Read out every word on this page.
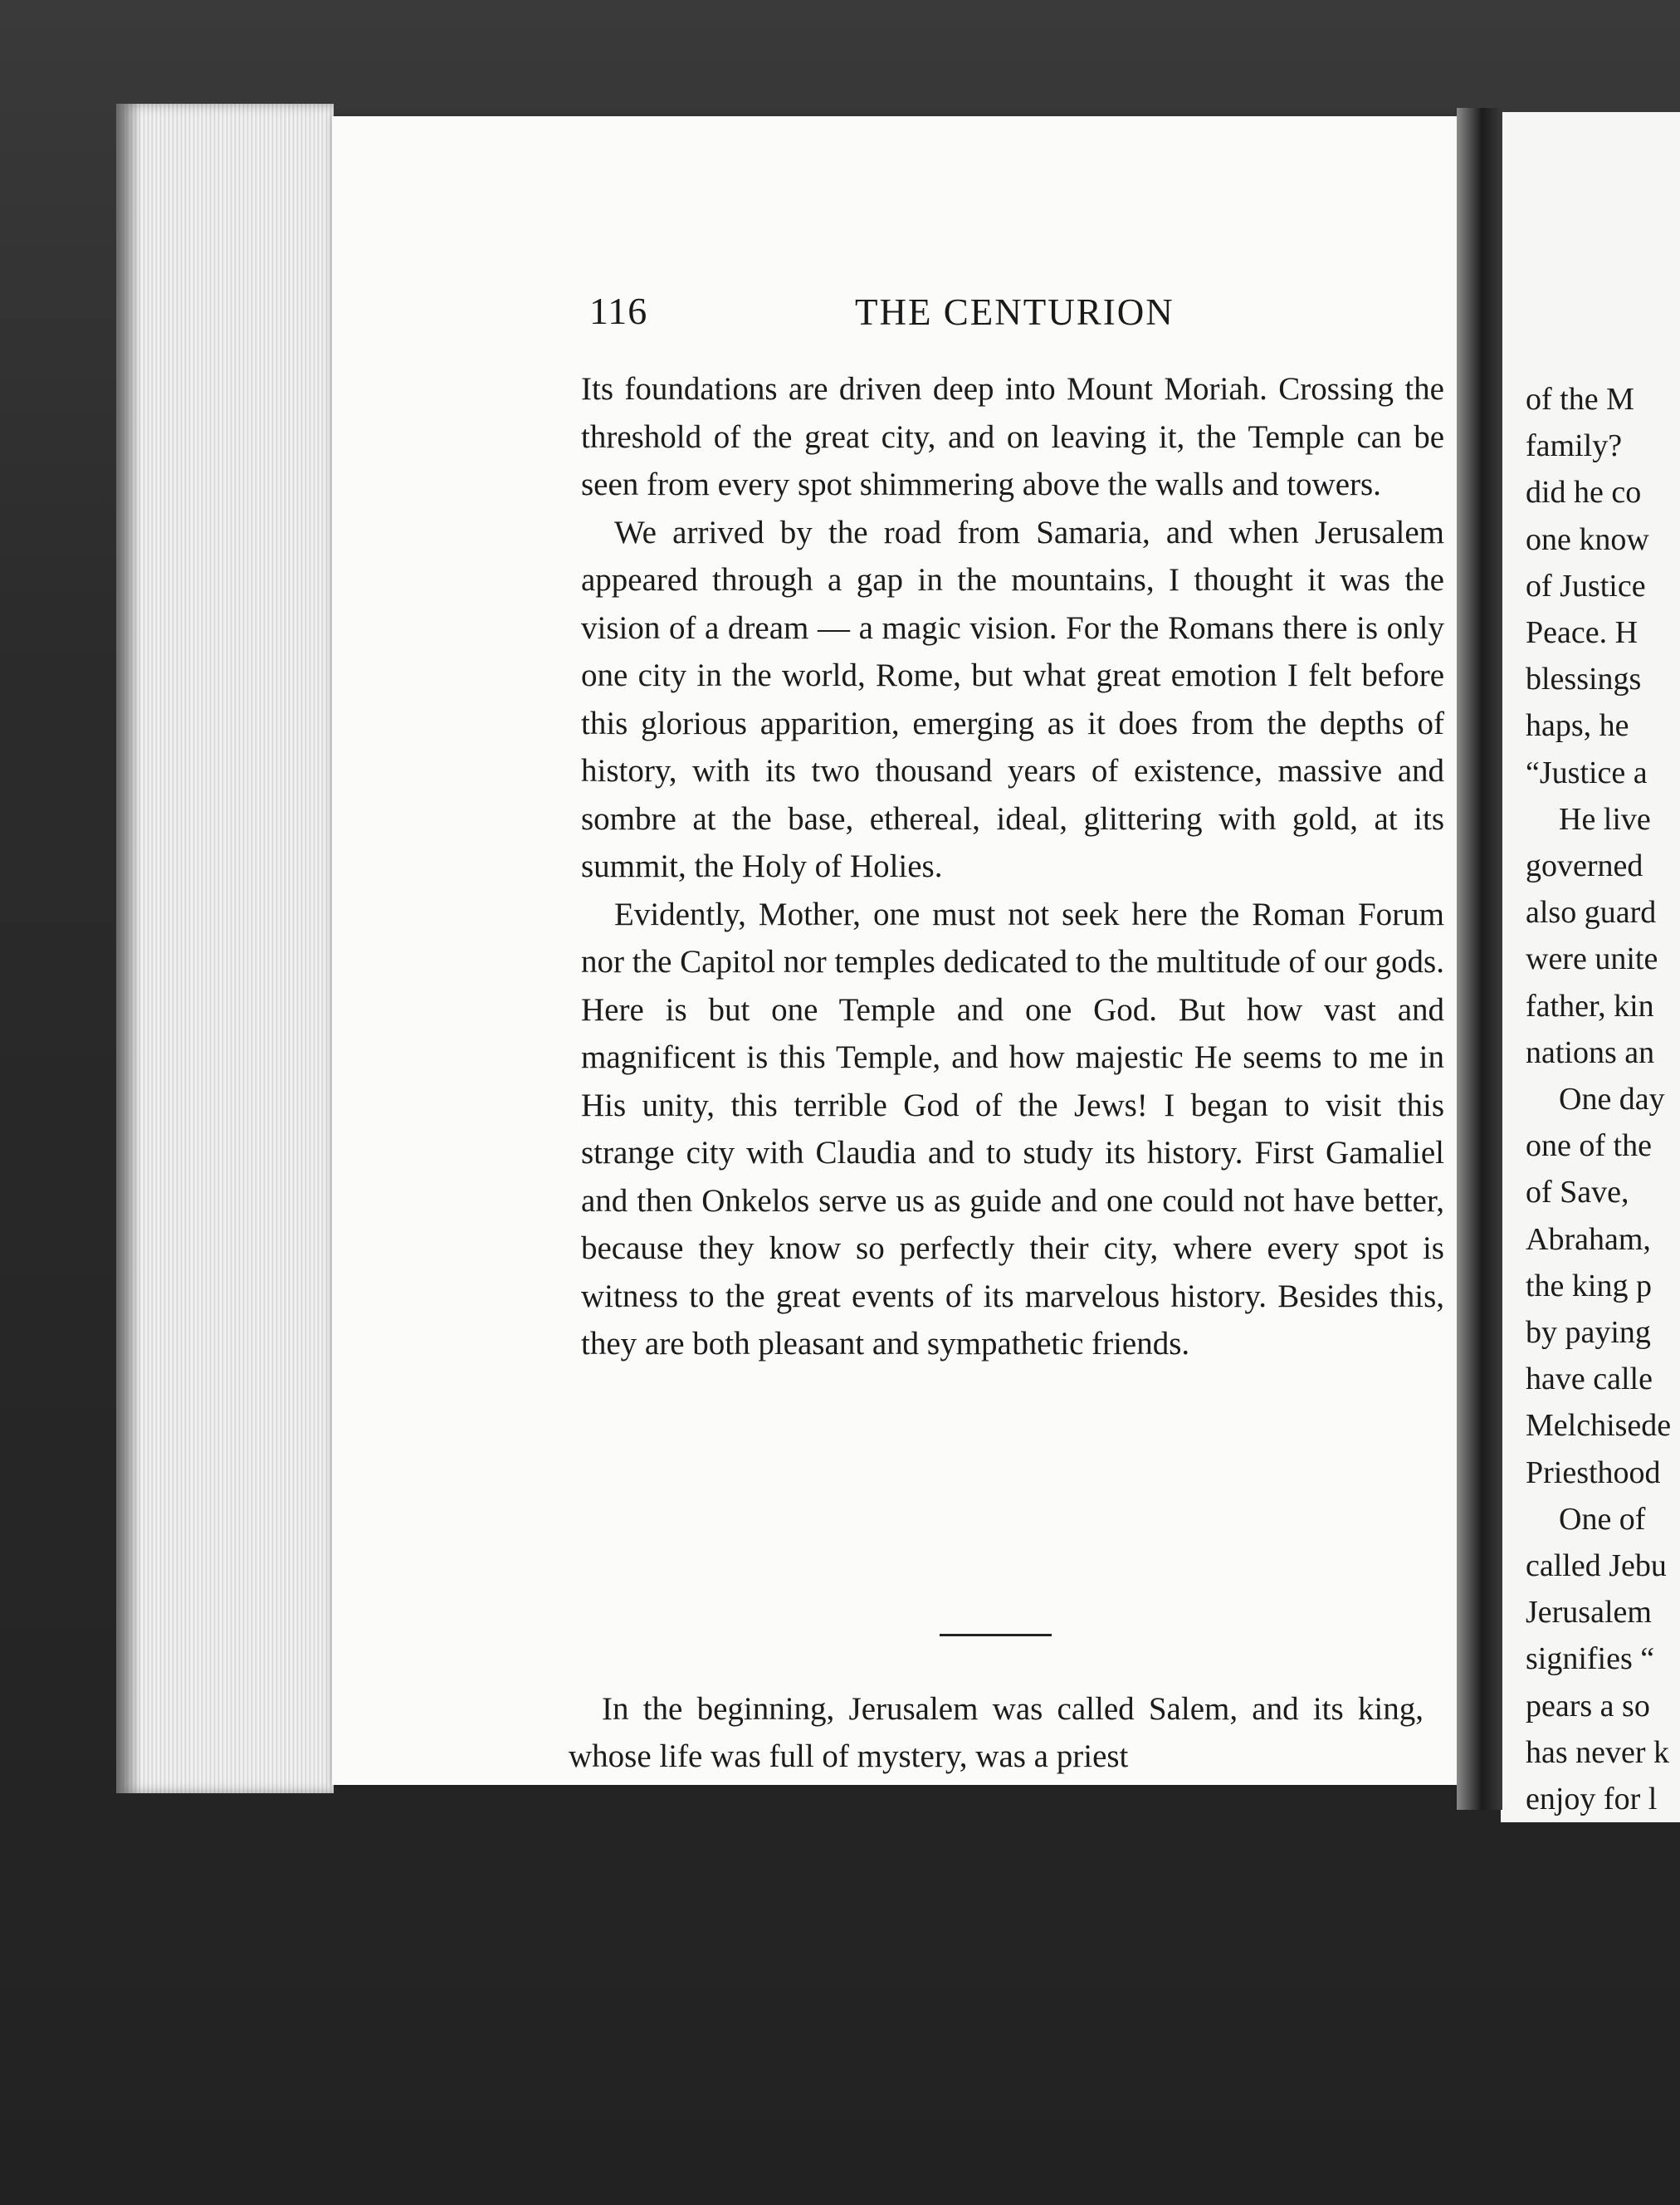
of the M
family?
did he co
one know
of Justice
Peace. H
blessings
haps, he
“Justice a
He live
governed
also guard
were unite
father, kin
nations an
One day
one of the
of Save,
Abraham,
the king p
by paying
have calle
Melchisede
Priesthood
One of
called Jebu
Jerusalem
signifies “
pears a so
has never k
enjoy for l
116	THE CENTURION

Its foundations are driven deep into Mount Moriah. Crossing the threshold of the great city, and on leaving it, the Temple can be seen from every spot shimmering above the walls and towers.

We arrived by the road from Samaria, and when Jerusalem appeared through a gap in the mountains, I thought it was the vision of a dream — a magic vision. For the Romans there is only one city in the world, Rome, but what great emotion I felt before this glorious apparition, emerging as it does from the depths of history, with its two thousand years of existence, massive and sombre at the base, ethereal, ideal, glittering with gold, at its summit, the Holy of Holies.

Evidently, Mother, one must not seek here the Roman Forum nor the Capitol nor temples dedicated to the multitude of our gods. Here is but one Temple and one God. But how vast and magnificent is this Temple, and how majestic He seems to me in His unity, this terrible God of the Jews! I began to visit this strange city with Claudia and to study its history. First Gamaliel and then Onkelos serve us as guide and one could not have better, because they know so perfectly their city, where every spot is witness to the great events of its marvelous history. Besides this, they are both pleasant and sympathetic friends.

In the beginning, Jerusalem was called Salem, and its king, whose life was full of mystery, was a priest
